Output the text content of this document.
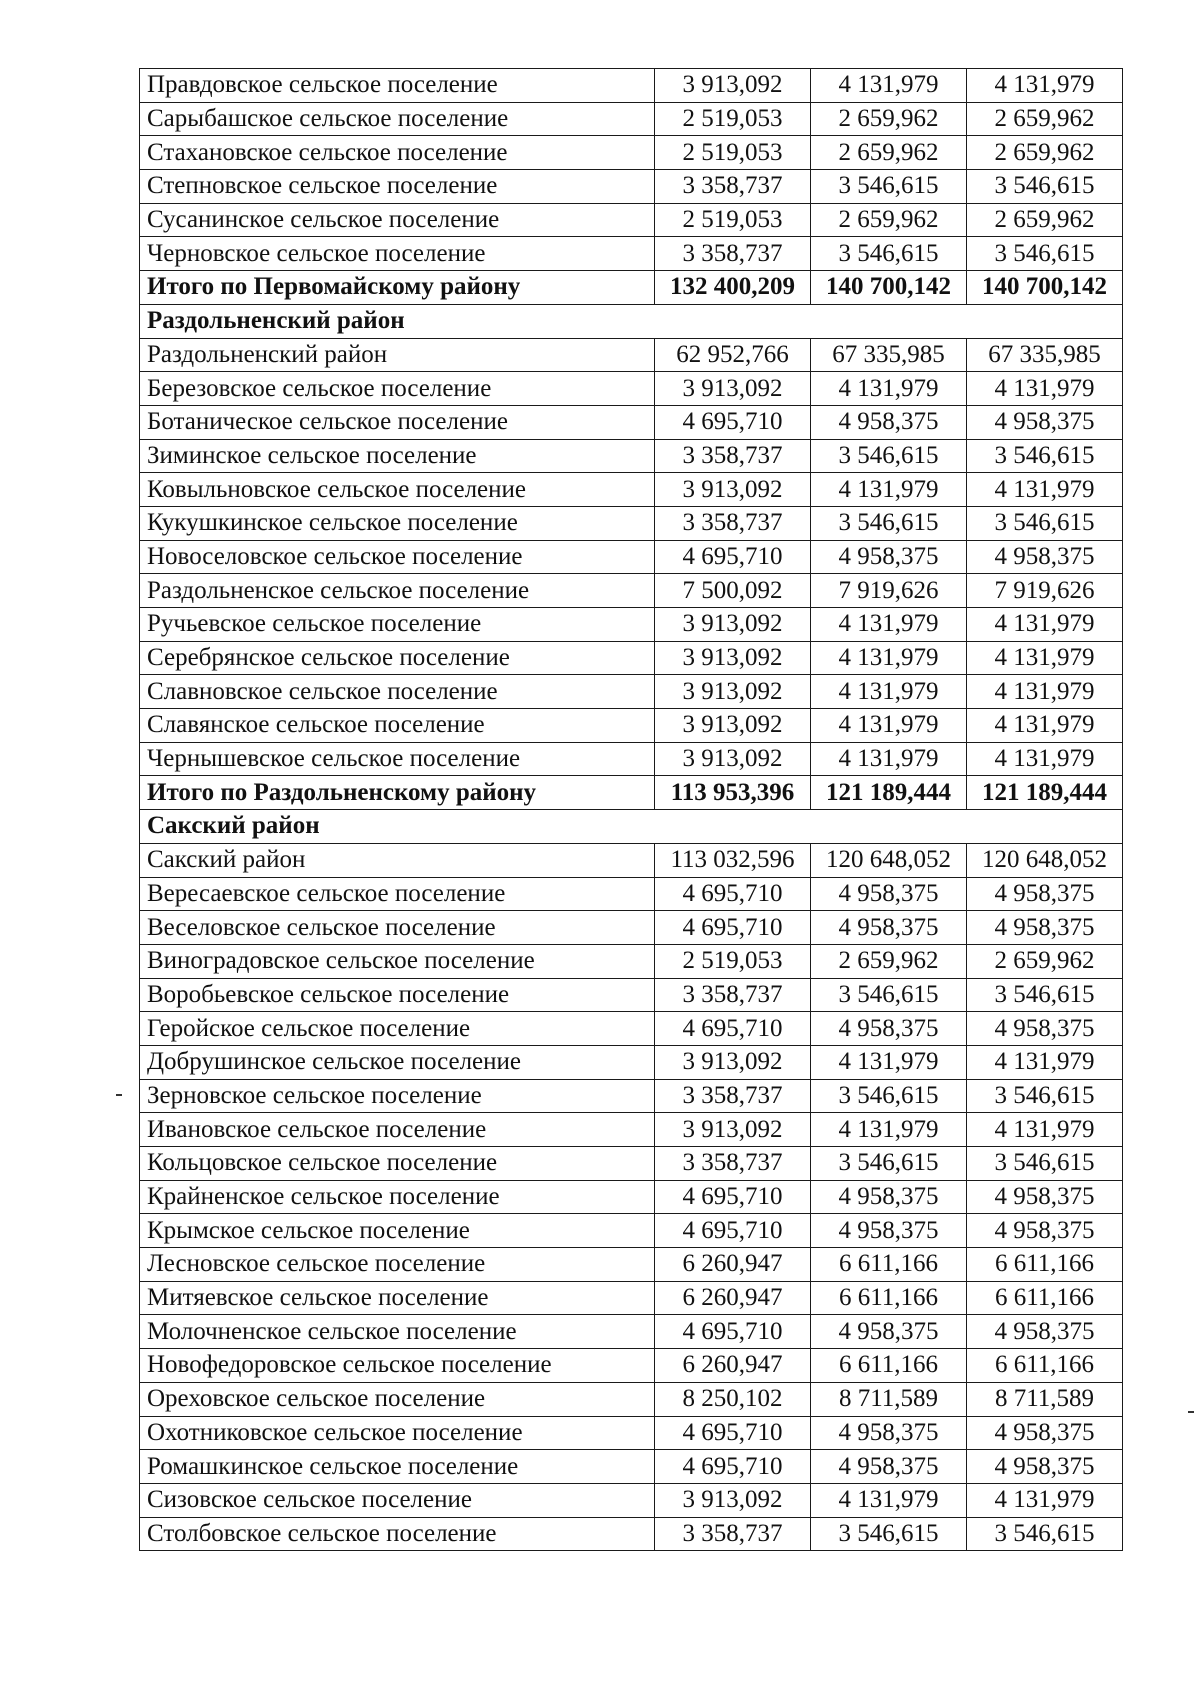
Правдовское сельское поселение	3 913,092	4 131,979	4 131,979
Сарыбашское сельское поселение	2 519,053	2 659,962	2 659,962
Стахановское сельское поселение	2 519,053	2 659,962	2 659,962
Степновское сельское поселение	3 358,737	3 546,615	3 546,615
Сусанинское сельское поселение	2 519,053	2 659,962	2 659,962
Черновское сельское поселение	3 358,737	3 546,615	3 546,615
Итого по Первомайскому району	132 400,209	140 700,142	140 700,142
Раздольненский район			
Раздольненский район	62 952,766	67 335,985	67 335,985
Березовское сельское поселение	3 913,092	4 131,979	4 131,979
Ботаническое сельское поселение	4 695,710	4 958,375	4 958,375
Зиминское сельское поселение	3 358,737	3 546,615	3 546,615
Ковыльновское сельское поселение	3 913,092	4 131,979	4 131,979
Кукушкинское сельское поселение	3 358,737	3 546,615	3 546,615
Новоселовское сельское поселение	4 695,710	4 958,375	4 958,375
Раздольненское сельское поселение	7 500,092	7 919,626	7 919,626
Ручьевское сельское поселение	3 913,092	4 131,979	4 131,979
Серебрянское сельское поселение	3 913,092	4 131,979	4 131,979
Славновское сельское поселение	3 913,092	4 131,979	4 131,979
Славянское сельское поселение	3 913,092	4 131,979	4 131,979
Чернышевское сельское поселение	3 913,092	4 131,979	4 131,979
Итого по Раздольненскому району	113 953,396	121 189,444	121 189,444
Сакский район			
Сакский район	113 032,596	120 648,052	120 648,052
Вересаевское сельское поселение	4 695,710	4 958,375	4 958,375
Веселовское сельское поселение	4 695,710	4 958,375	4 958,375
Виноградовское сельское поселение	2 519,053	2 659,962	2 659,962
Воробьевское сельское поселение	3 358,737	3 546,615	3 546,615
Геройское сельское поселение	4 695,710	4 958,375	4 958,375
Добрушинское сельское поселение	3 913,092	4 131,979	4 131,979
Зерновское сельское поселение	3 358,737	3 546,615	3 546,615
Ивановское сельское поселение	3 913,092	4 131,979	4 131,979
Кольцовское сельское поселение	3 358,737	3 546,615	3 546,615
Крайненское сельское поселение	4 695,710	4 958,375	4 958,375
Крымское сельское поселение	4 695,710	4 958,375	4 958,375
Лесновское сельское поселение	6 260,947	6 611,166	6 611,166
Митяевское сельское поселение	6 260,947	6 611,166	6 611,166
Молочненское сельское поселение	4 695,710	4 958,375	4 958,375
Новофедоровское сельское поселение	6 260,947	6 611,166	6 611,166
Ореховское сельское поселение	8 250,102	8 711,589	8 711,589
Охотниковское сельское поселение	4 695,710	4 958,375	4 958,375
Ромашкинское сельское поселение	4 695,710	4 958,375	4 958,375
Сизовское сельское поселение	3 913,092	4 131,979	4 131,979
Столбовское сельское поселение	3 358,737	3 546,615	3 546,615
